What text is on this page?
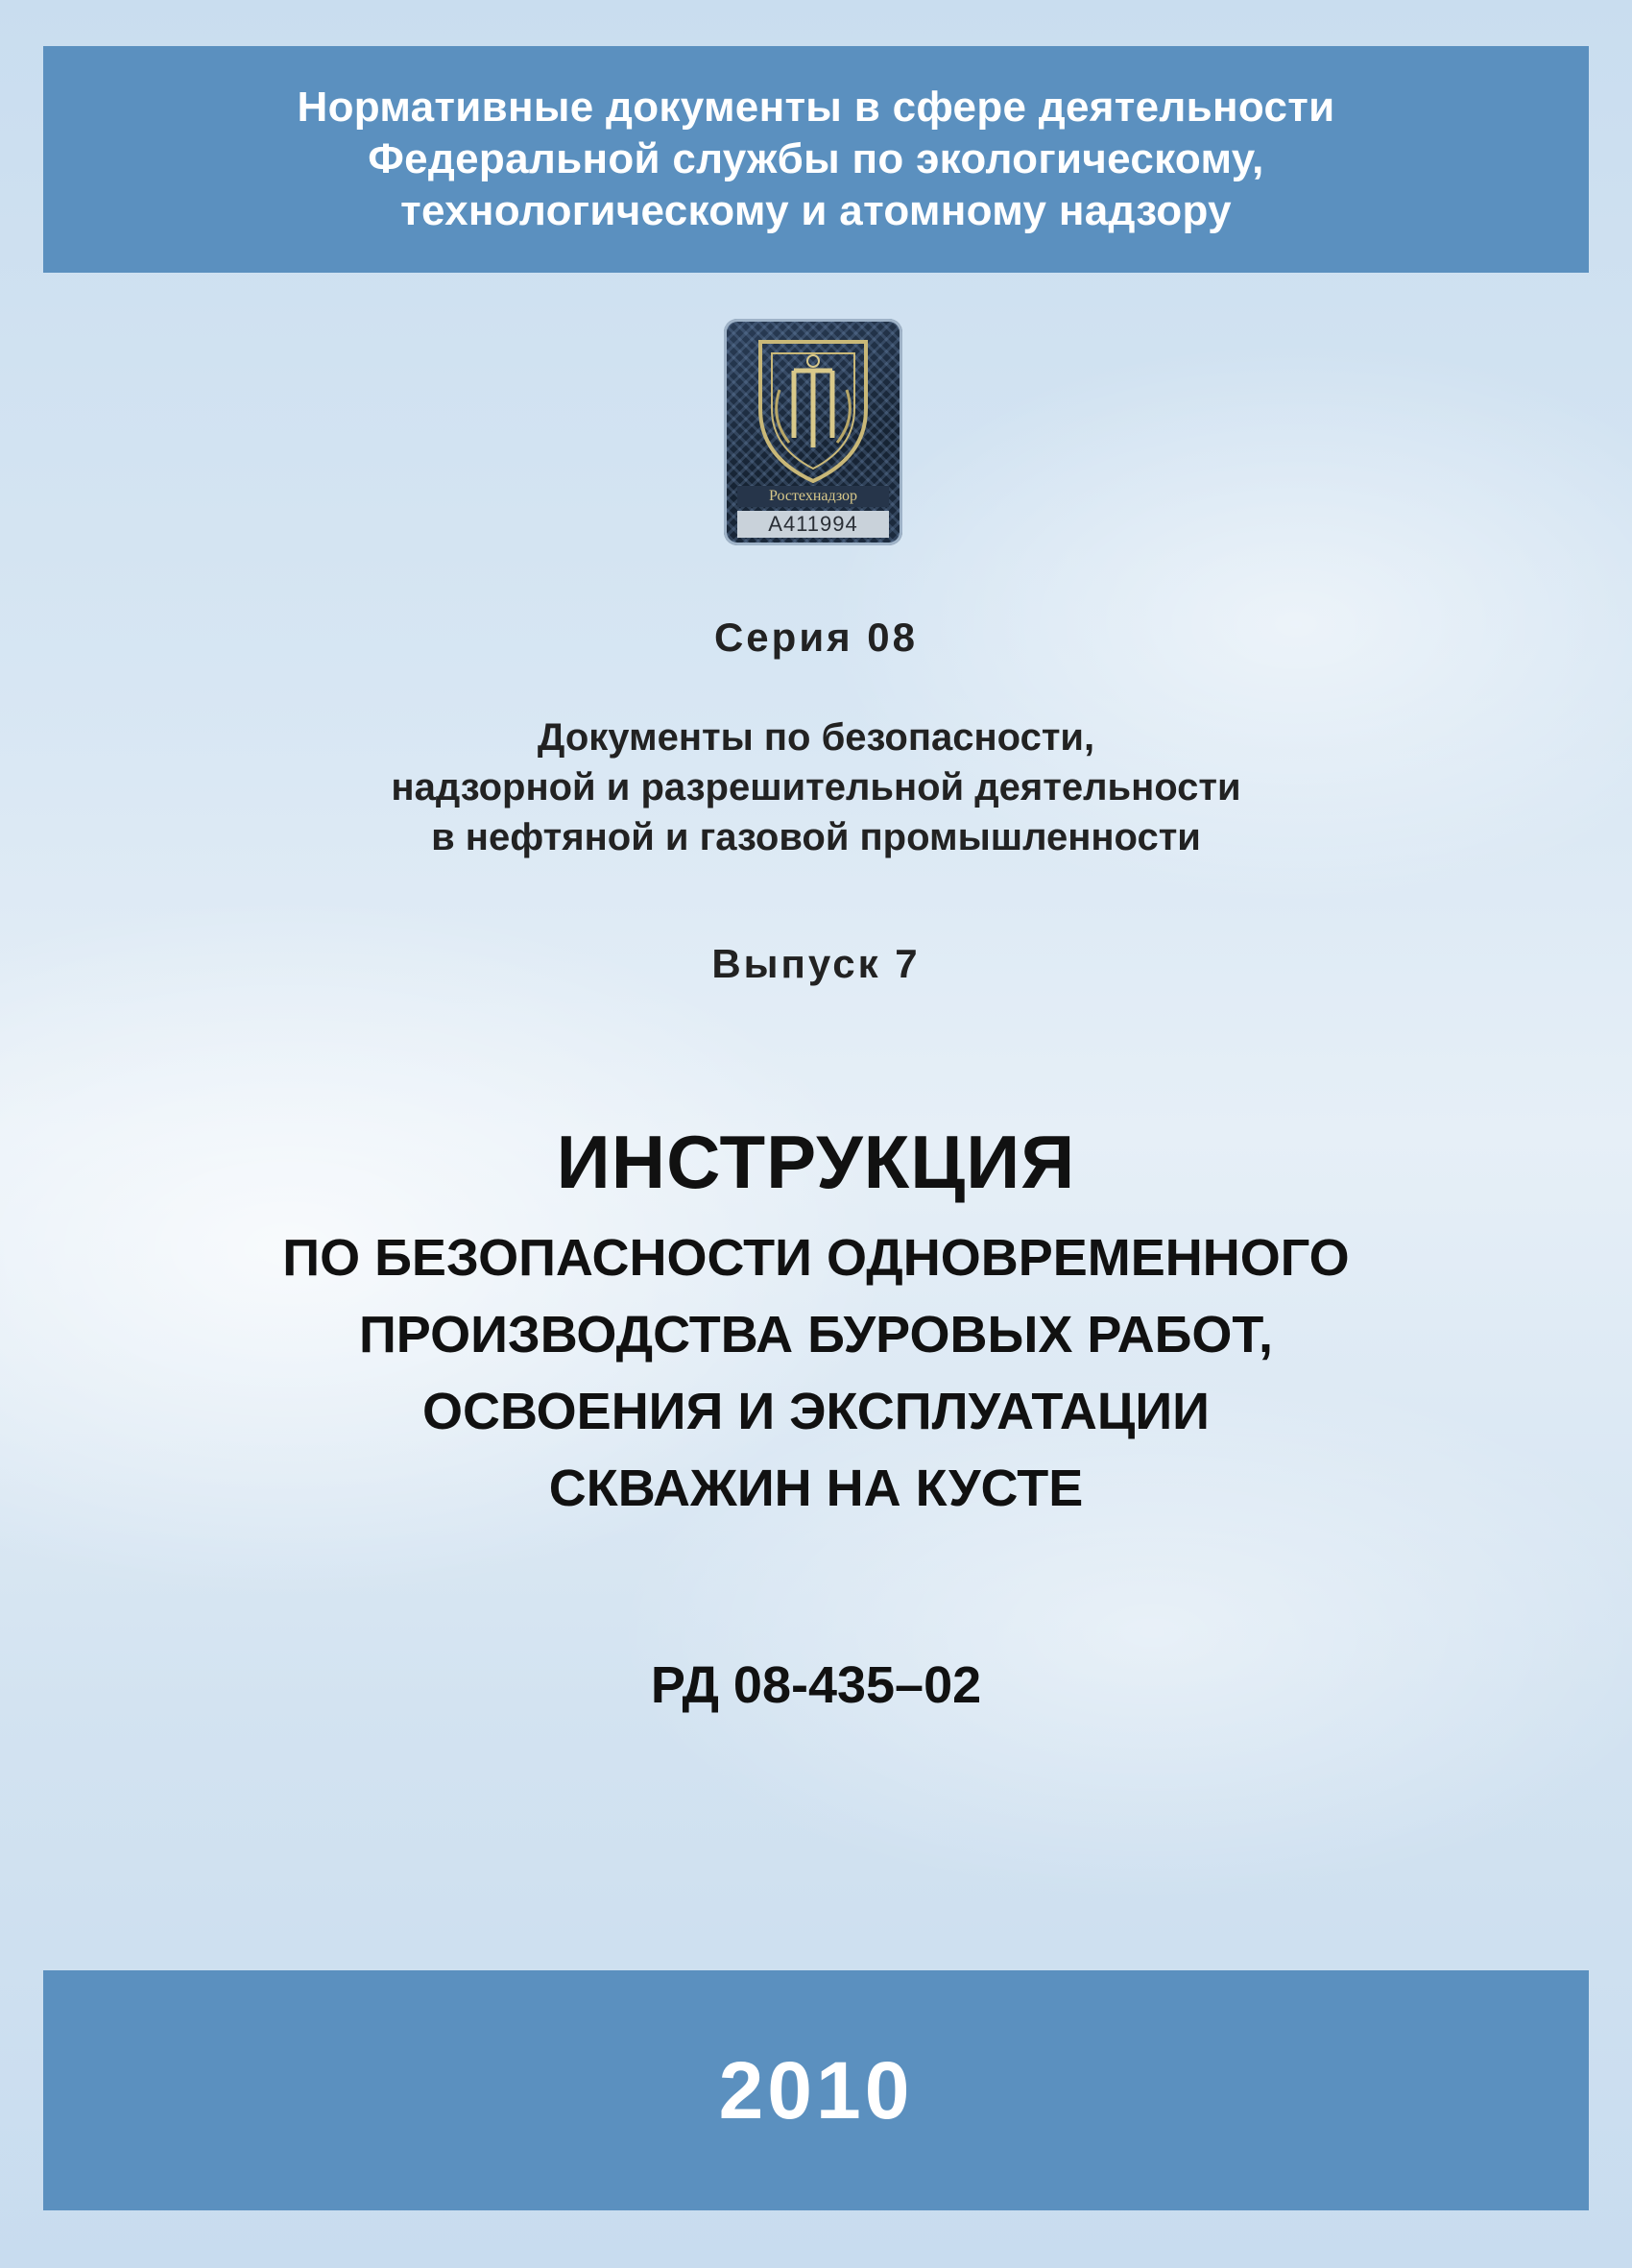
Нормативные документы в сфере деятельности
Федеральной службы по экологическому,
технологическому и атомному надзору
Ростехнадзор
A411994
Серия 08
Документы по безопасности,
надзорной и разрешительной деятельности
в нефтяной и газовой промышленности
Выпуск 7
ИНСТРУКЦИЯ
ПО БЕЗОПАСНОСТИ ОДНОВРЕМЕННОГО
ПРОИЗВОДСТВА БУРОВЫХ РАБОТ,
ОСВОЕНИЯ И ЭКСПЛУАТАЦИИ
СКВАЖИН НА КУСТЕ
РД 08-435–02
2010
